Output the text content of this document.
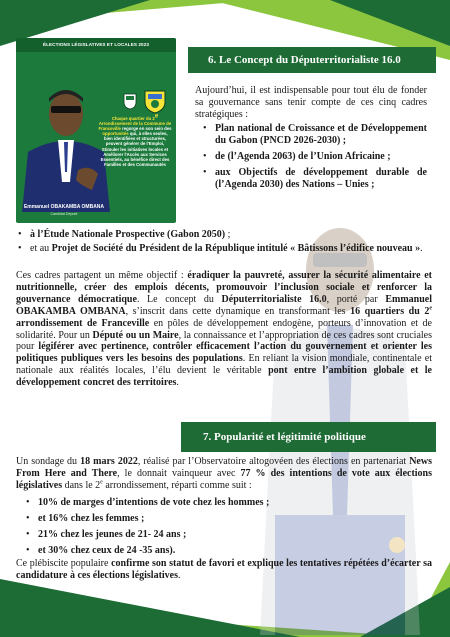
ÉLECTIONS LÉGISLATIVES ET LOCALES 2023
Chaque quartier du 2e Arrondissement de la Commune de Franceville regorge en son sein des opportunités qui, à elles seules, bien identifiées et structurées, peuvent générer de l'Emploi, Stimuler les initiatives locales et Améliorer l'Accès aux Services Essentiels, au bénéfice direct des Familles et des Communautés
Emmanuel OBAKAMBA OMBANA
Candidat Député
6. Le Concept du Députerritorialiste 16.0
Aujourd’hui, il est indispensable pour tout élu de fonder sa gouvernance sans tenir compte de ces cinq cadres stratégiques :
• Plan national de Croissance et de Développement du Gabon (PNCD 2026-2030) ;
• de (l’Agenda 2063) de l’Union Africaine ;
• aux Objectifs de développement durable de (l’Agenda 2030) des Nations – Unies ;
• à l’Étude Nationale Prospective (Gabon 2050) ;
• et au Projet de Société du Président de la République intitulé « Bâtissons l’édifice nouveau ».
Ces cadres partagent un même objectif : éradiquer la pauvreté, assurer la sécurité alimentaire et nutritionnelle, créer des emplois décents, promouvoir l’inclusion sociale et renforcer la gouvernance démocratique. Le concept du Députerritorialiste 16.0, porté par Emmanuel OBAKAMBA OMBANA, s’inscrit dans cette dynamique en transformant les 16 quartiers du 2e arrondissement de Franceville en pôles de développement endogène, porteurs d’innovation et de solidarité. Pour un Député ou un Maire, la connaissance et l’appropriation de ces cadres sont cruciales pour légiférer avec pertinence, contrôler efficacement l’action du gouvernement et orienter les politiques publiques vers les besoins des populations. En reliant la vision mondiale, continentale et nationale aux réalités locales, l’élu devient le véritable pont entre l’ambition globale et le développement concret des territoires.
7. Popularité et légitimité politique
Un sondage du 18 mars 2022, réalisé par l’Observatoire altogovéen des élections en partenariat News From Here and There, le donnait vainqueur avec 77 % des intentions de vote aux élections législatives dans le 2e arrondissement, réparti comme suit :
• 10% de marges d’intentions de vote chez les hommes ;
• et 16% chez les femmes ;
• 21% chez les jeunes de 21- 24 ans ;
• et 30% chez ceux de 24 -35 ans).
Ce plébiscite populaire confirme son statut de favori et explique les tentatives répétées d’écarter sa candidature à ces élections législatives.
